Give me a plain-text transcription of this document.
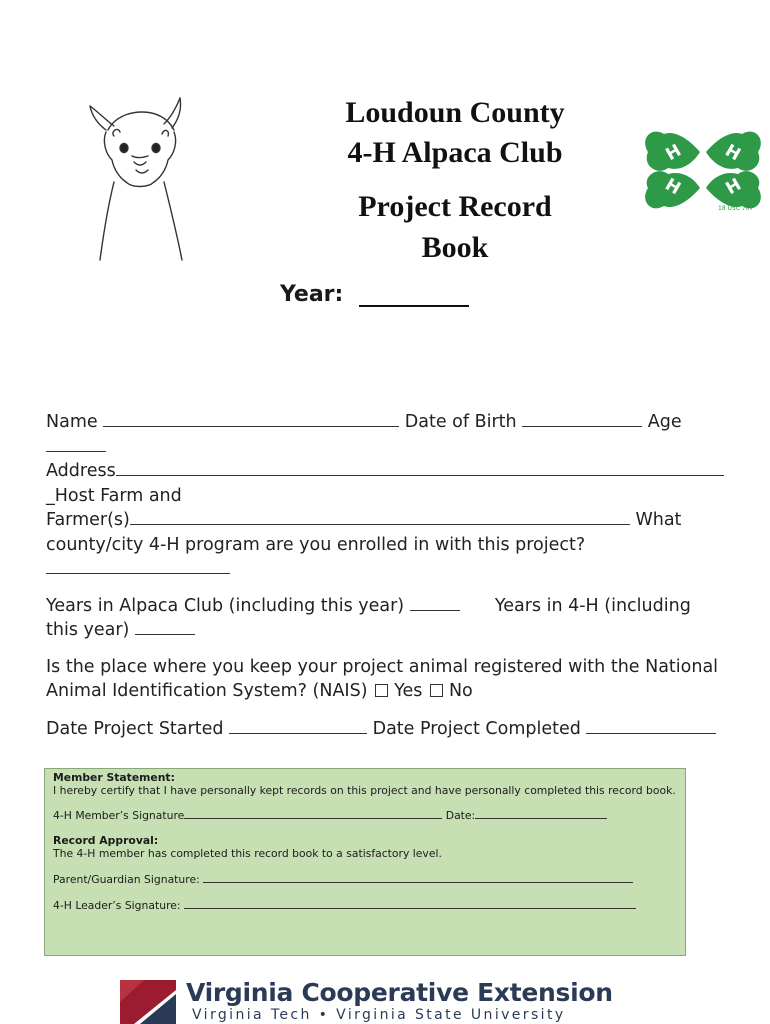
Loudoun County
4-H Alpaca Club
Project Record
Book
H H
H H
18 USC 707
Year:

Name	Date of Birth	Age

Address

_Host Farm and

Farmer(s)	What

county/city 4-H program are you enrolled in with this project?

Years in Alpaca Club (including this year)	Years in 4-H (including

this year)

Is the place where you keep your project animal registered with the National

Animal Identification System? (NAIS) Yes No

Date Project Started	Date Project Completed

Member Statement:
I hereby certify that I have personally kept records on this project and have personally completed this record book.
4-H Member’s Signature	Date:
Record Approval:
The 4-H member has completed this record book to a satisfactory level.
Parent/Guardian Signature:
4-H Leader’s Signature:
Virginia Cooperative Extension
Virginia Tech • Virginia State University
